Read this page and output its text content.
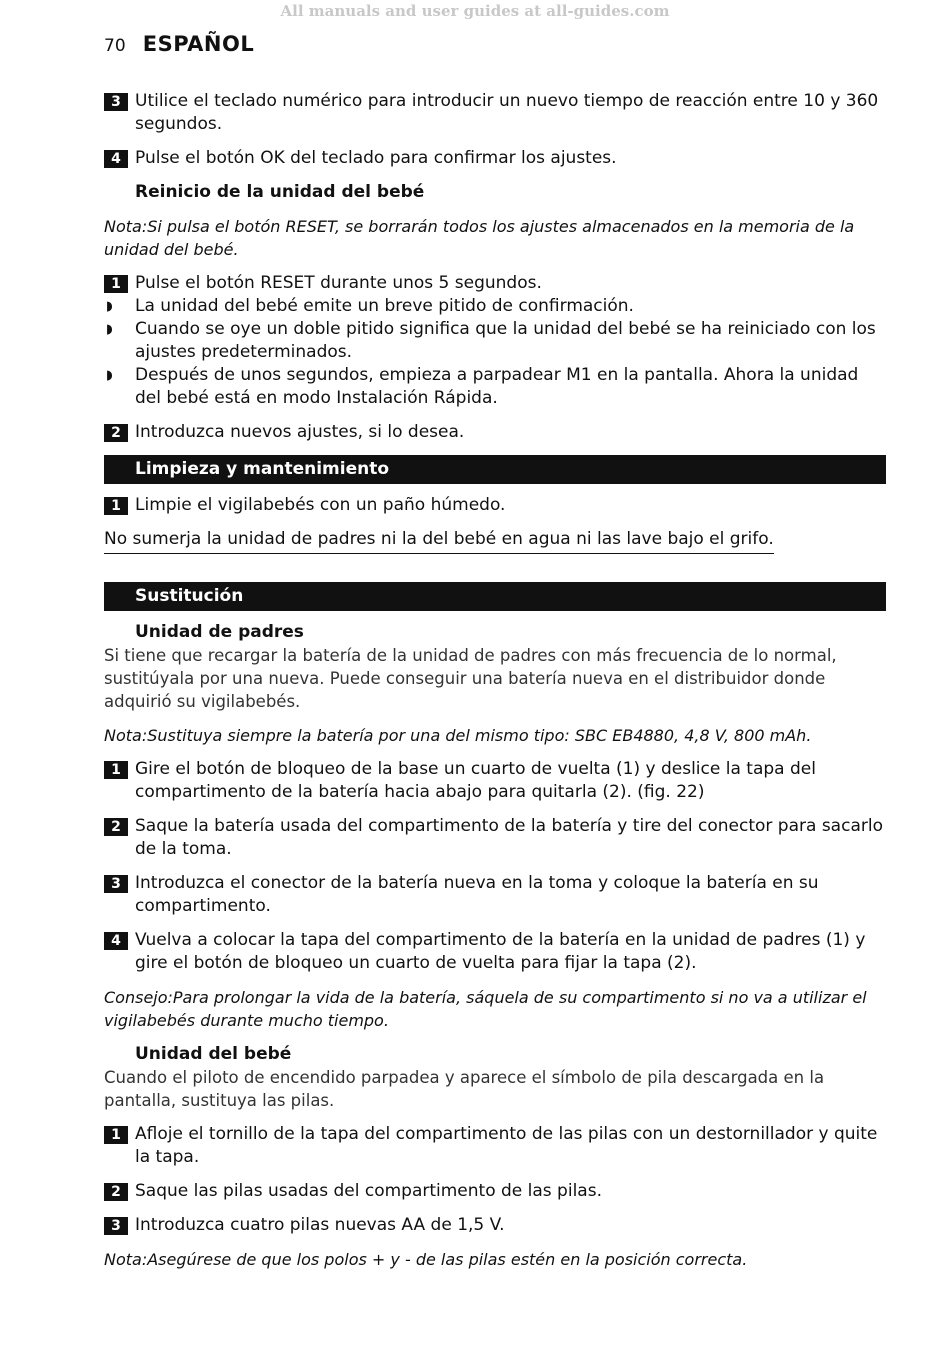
All manuals and user guides at all-guides.com
70 ESPAÑOL
3 Utilice el teclado numérico para introducir un nuevo tiempo de reacción entre 10 y 360 segundos.
4 Pulse el botón OK del teclado para confirmar los ajustes.
Reinicio de la unidad del bebé
Nota:Si pulsa el botón RESET, se borrarán todos los ajustes almacenados en la memoria de la unidad del bebé.
1 Pulse el botón RESET durante unos 5 segundos.
◗ La unidad del bebé emite un breve pitido de confirmación.
◗ Cuando se oye un doble pitido significa que la unidad del bebé se ha reiniciado con los ajustes predeterminados.
◗ Después de unos segundos, empieza a parpadear M1 en la pantalla. Ahora la unidad del bebé está en modo Instalación Rápida.
2 Introduzca nuevos ajustes, si lo desea.
Limpieza y mantenimiento
1 Limpie el vigilabebés con un paño húmedo.
No sumerja la unidad de padres ni la del bebé en agua ni las lave bajo el grifo.
Sustitución
Unidad de padres
Si tiene que recargar la batería de la unidad de padres con más frecuencia de lo normal, sustitúyala por una nueva. Puede conseguir una batería nueva en el distribuidor donde adquirió su vigilabebés.
Nota:Sustituya siempre la batería por una del mismo tipo: SBC EB4880, 4,8 V, 800 mAh.
1 Gire el botón de bloqueo de la base un cuarto de vuelta (1) y deslice la tapa del compartimento de la batería hacia abajo para quitarla (2). (fig. 22)
2 Saque la batería usada del compartimento de la batería y tire del conector para sacarlo de la toma.
3 Introduzca el conector de la batería nueva en la toma y coloque la batería en su compartimento.
4 Vuelva a colocar la tapa del compartimento de la batería en la unidad de padres (1) y gire el botón de bloqueo un cuarto de vuelta para fijar la tapa (2).
Consejo:Para prolongar la vida de la batería, sáquela de su compartimento si no va a utilizar el vigilabebés durante mucho tiempo.
Unidad del bebé
Cuando el piloto de encendido parpadea y aparece el símbolo de pila descargada en la pantalla, sustituya las pilas.
1 Afloje el tornillo de la tapa del compartimento de las pilas con un destornillador y quite la tapa.
2 Saque las pilas usadas del compartimento de las pilas.
3 Introduzca cuatro pilas nuevas AA de 1,5 V.
Nota:Asegúrese de que los polos + y - de las pilas estén en la posición correcta.
